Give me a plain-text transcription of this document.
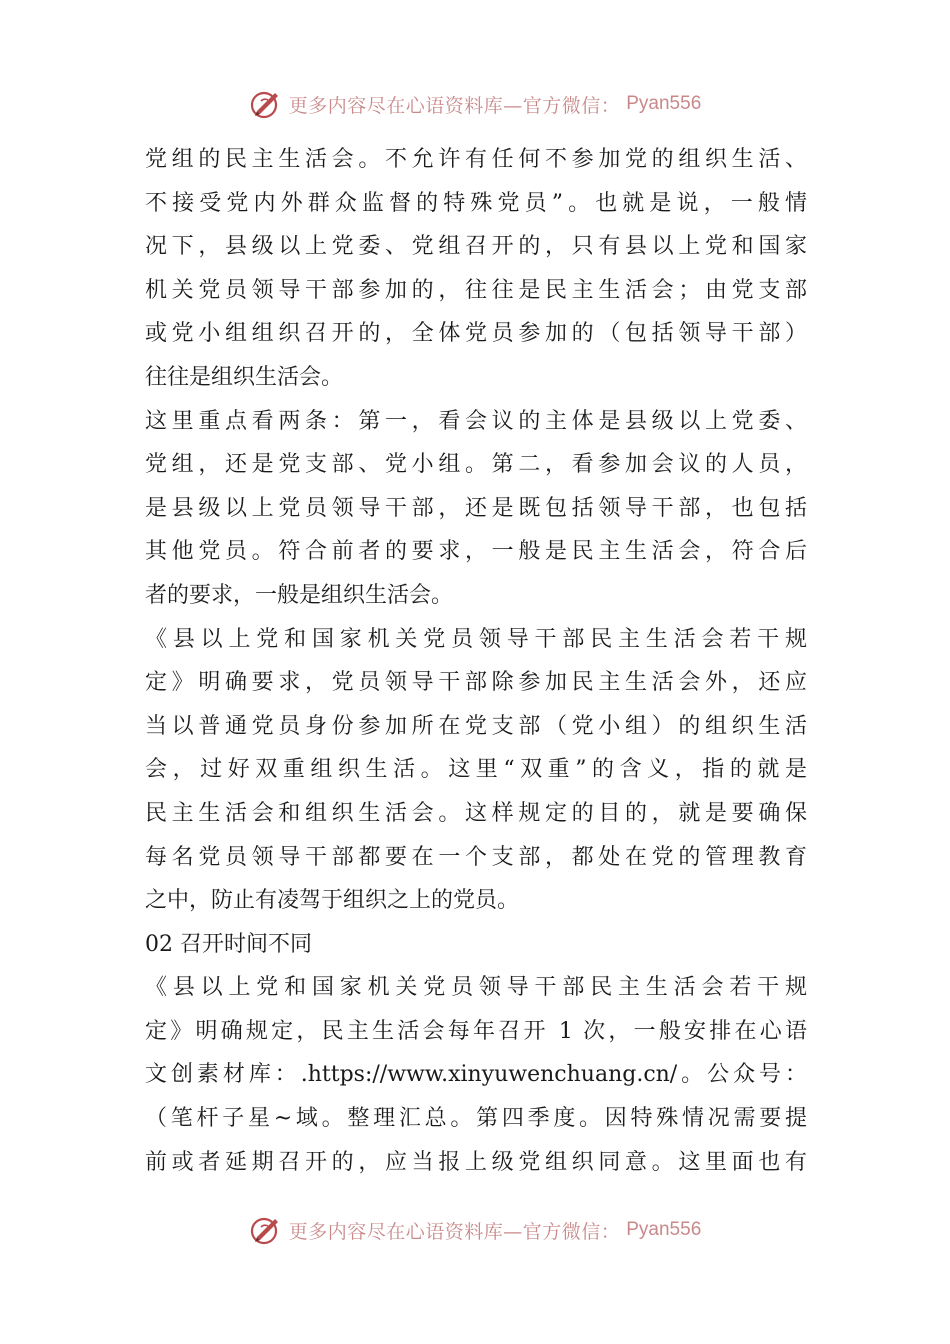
更多内容尽在心语资料库—官方微信： Pyan556
党组的民主生活会。不允许有任何不参加党的组织生活、
不接受党内外群众监督的特殊党员”。也就是说，一般情
况下，县级以上党委、党组召开的，只有县以上党和国家
机关党员领导干部参加的，往往是民主生活会；由党支部
或党小组组织召开的，全体党员参加的（包括领导干部）
往往是组织生活会。
这里重点看两条：第一，看会议的主体是县级以上党委、
党组，还是党支部、党小组。第二，看参加会议的人员，
是县级以上党员领导干部，还是既包括领导干部，也包括
其他党员。符合前者的要求，一般是民主生活会，符合后
者的要求，一般是组织生活会。
《县以上党和国家机关党员领导干部民主生活会若干规
定》明确要求，党员领导干部除参加民主生活会外，还应
当以普通党员身份参加所在党支部（党小组）的组织生活
会，过好双重组织生活。这里“双重”的含义，指的就是
民主生活会和组织生活会。这样规定的目的，就是要确保
每名党员领导干部都要在一个支部，都处在党的管理教育
之中，防止有凌驾于组织之上的党员。
02 召开时间不同
《县以上党和国家机关党员领导干部民主生活会若干规
定》明确规定，民主生活会每年召开 1 次，一般安排在心语
文创素材库：.https://www.xinyuwenchuang.cn/。公众号：
（笔杆子星~域。整理汇总。第四季度。因特殊情况需要提
前或者延期召开的，应当报上级党组织同意。这里面也有
更多内容尽在心语资料库—官方微信： Pyan556
